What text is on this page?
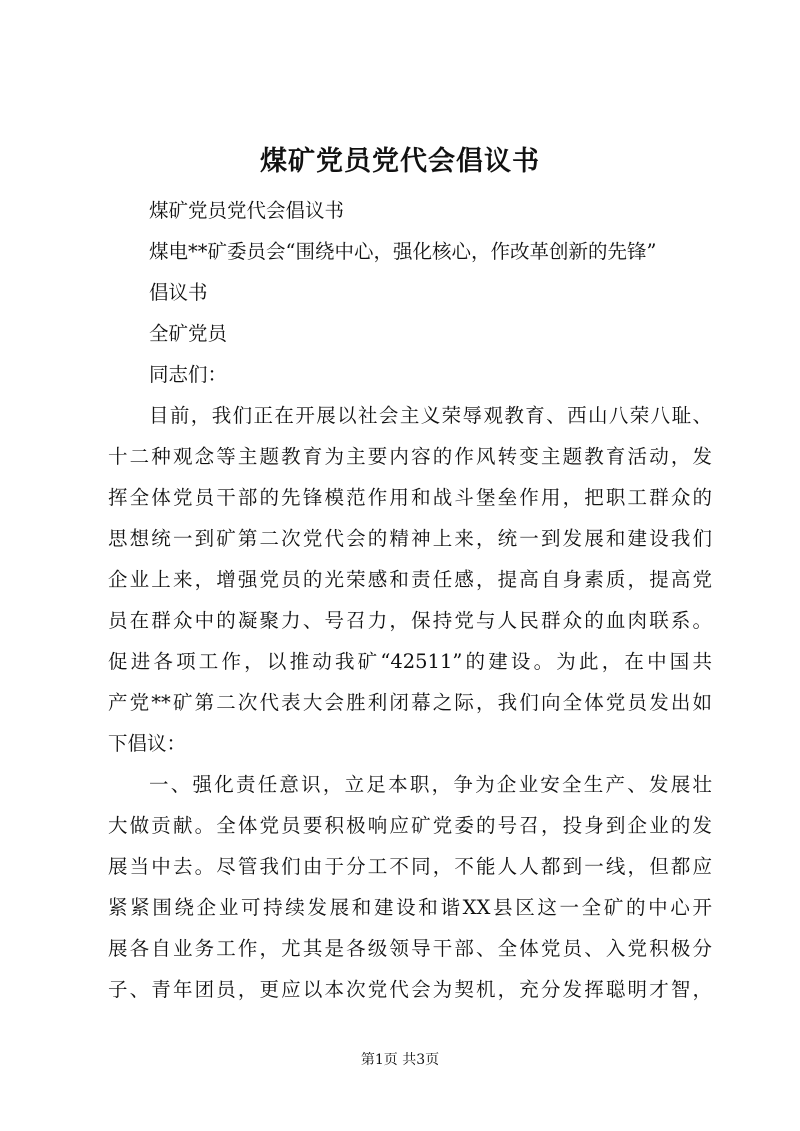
煤矿党员党代会倡议书

煤矿党员党代会倡议书

煤电**矿委员会“围绕中心，强化核心，作改革创新的先锋”

倡议书

全矿党员

同志们：

目前，我们正在开展以社会主义荣辱观教育、西山八荣八耻、

十二种观念等主题教育为主要内容的作风转变主题教育活动，发

挥全体党员干部的先锋模范作用和战斗堡垒作用，把职工群众的

思想统一到矿第二次党代会的精神上来，统一到发展和建设我们

企业上来，增强党员的光荣感和责任感，提高自身素质，提高党

员在群众中的凝聚力、号召力，保持党与人民群众的血肉联系。

促进各项工作，以推动我矿“42511”的建设。为此，在中国共

产党**矿第二次代表大会胜利闭幕之际，我们向全体党员发出如

下倡议：

一、强化责任意识，立足本职，争为企业安全生产、发展壮

大做贡献。全体党员要积极响应矿党委的号召，投身到企业的发

展当中去。尽管我们由于分工不同，不能人人都到一线，但都应

紧紧围绕企业可持续发展和建设和谐XX县区这一全矿的中心开

展各自业务工作，尤其是各级领导干部、全体党员、入党积极分

子、青年团员，更应以本次党代会为契机，充分发挥聪明才智，

第1页 共3页
